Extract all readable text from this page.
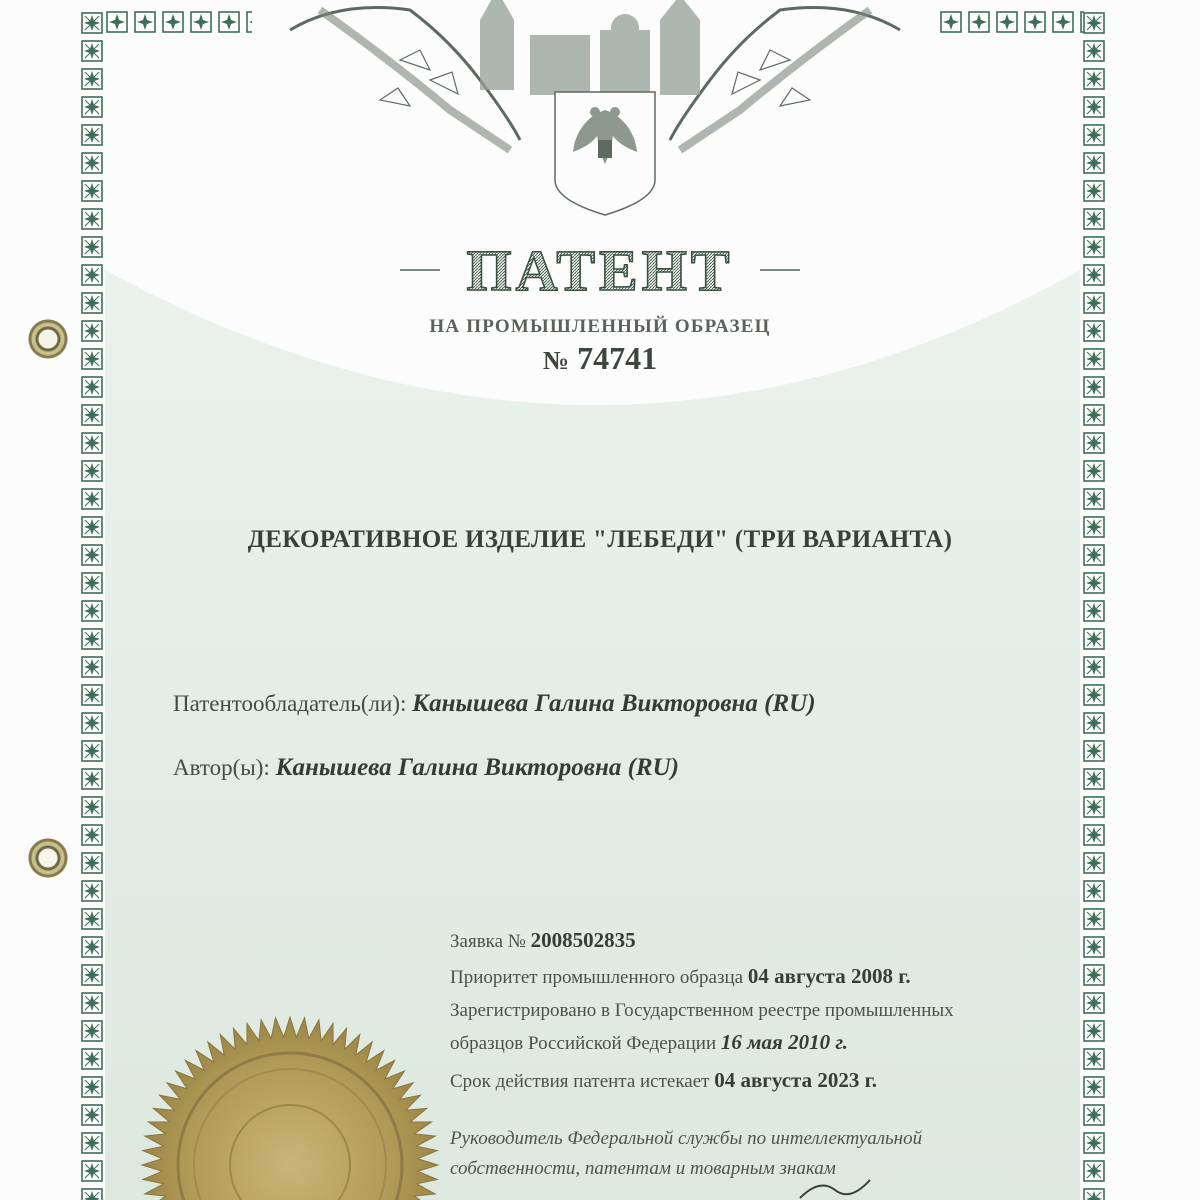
ПАТЕНТ
НА ПРОМЫШЛЕННЫЙ ОБРАЗЕЦ
№ 74741
ДЕКОРАТИВНОЕ ИЗДЕЛИЕ "ЛЕБЕДИ" (ТРИ ВАРИАНТА)
Патентообладатель(ли): Канышева Галина Викторовна (RU)
Автор(ы): Канышева Галина Викторовна (RU)
Заявка № 2008502835
Приоритет промышленного образца 04 августа 2008 г.
Зарегистрировано в Государственном реестре промышленных
образцов Российской Федерации 16 мая 2010 г.
Срок действия патента истекает 04 августа 2023 г.
Руководитель Федеральной службы по интеллектуальной
собственности, патентам и товарным знакам
